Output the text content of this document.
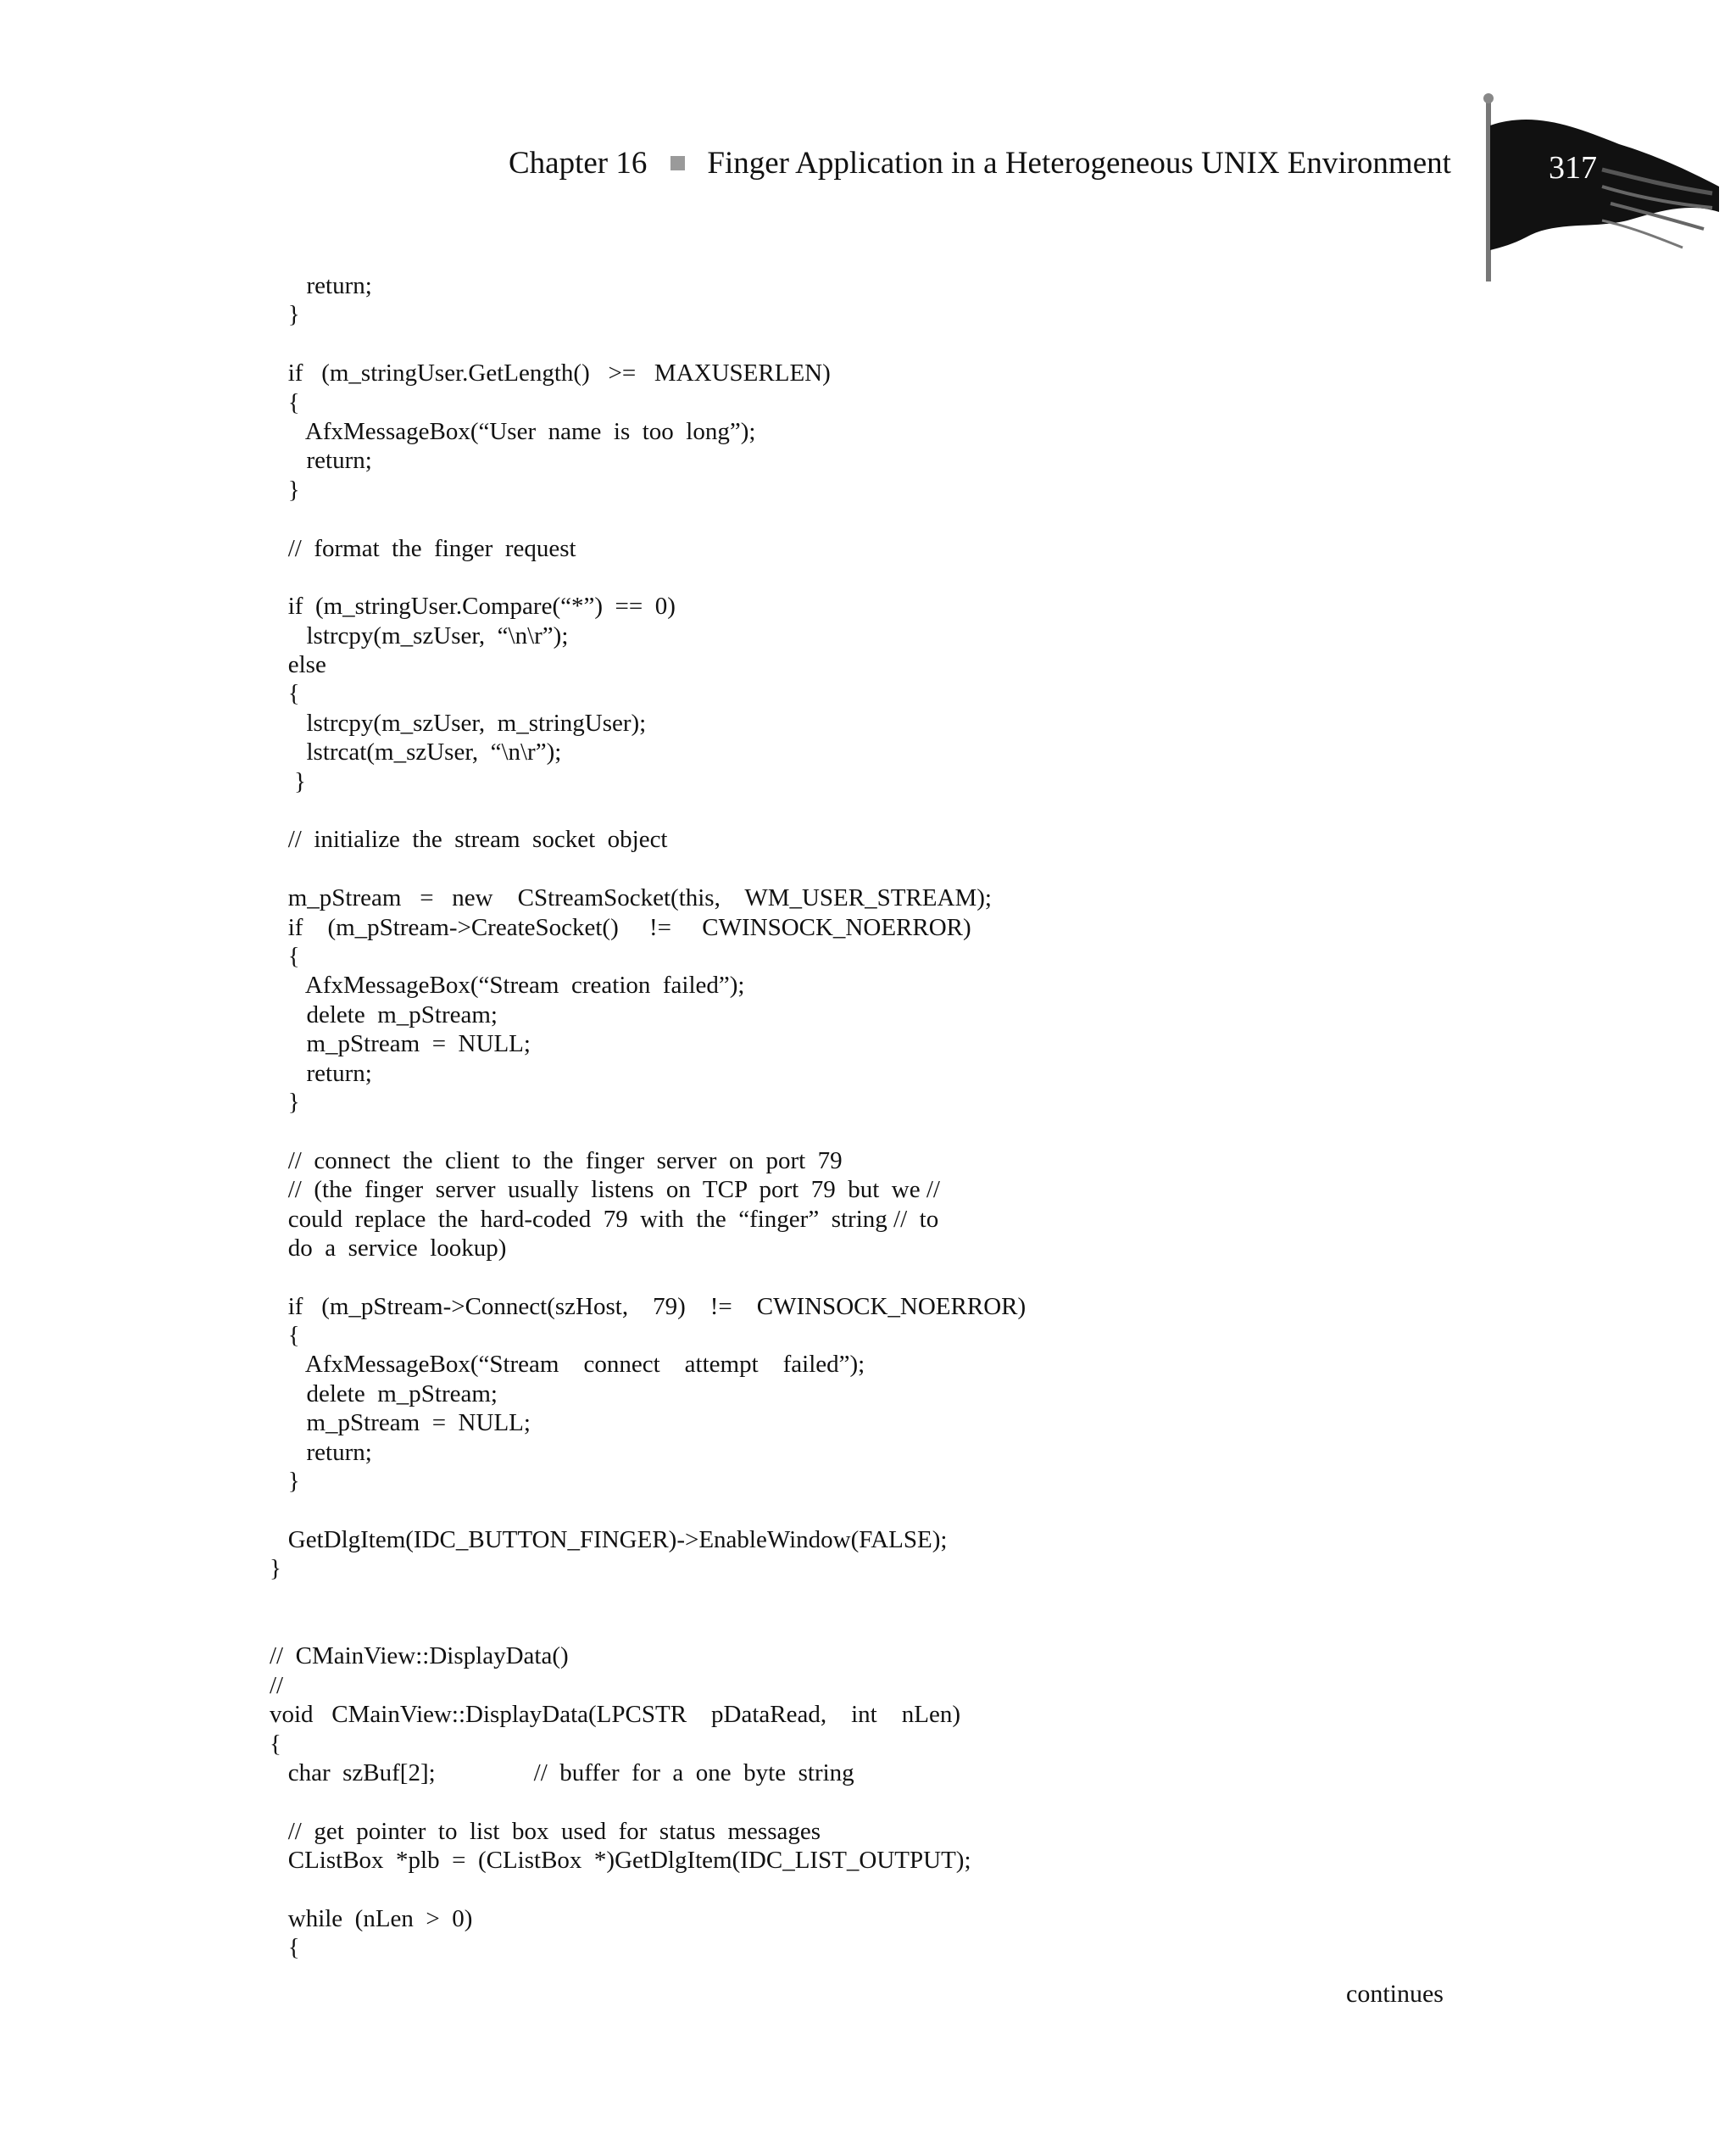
Chapter 16 Finger Application in a Heterogeneous UNIX Environment	317
return;
}
if   (m_stringUser.GetLength()   >=   MAXUSERLEN)
{
AfxMessageBox(“User  name  is  too  long”);
return;
}
//  format  the  finger  request
if  (m_stringUser.Compare(“*”)  ==  0)
lstrcpy(m_szUser,  “\n\r”);
else
{
lstrcpy(m_szUser,  m_stringUser);
lstrcat(m_szUser,  “\n\r”);
}
//  initialize  the  stream  socket  object
m_pStream   =   new    CStreamSocket(this,    WM_USER_STREAM);
if    (m_pStream->CreateSocket()     !=     CWINSOCK_NOERROR)
{
AfxMessageBox(“Stream  creation  failed”);
delete  m_pStream;
m_pStream  =  NULL;
return;
}
//  connect  the  client  to  the  finger  server  on  port  79
//  (the  finger  server  usually  listens  on  TCP  port  79  but  we //
could  replace  the  hard-coded  79  with  the  “finger”  string //  to
do  a  service  lookup)
if   (m_pStream->Connect(szHost,    79)    !=    CWINSOCK_NOERROR)
{
AfxMessageBox(“Stream    connect    attempt    failed”);
delete  m_pStream;
m_pStream  =  NULL;
return;
}
GetDlgItem(IDC_BUTTON_FINGER)->EnableWindow(FALSE);
}
//  CMainView::DisplayData()
//
void   CMainView::DisplayData(LPCSTR    pDataRead,    int    nLen)
{
char  szBuf[2];                //  buffer  for  a  one  byte  string
//  get  pointer  to  list  box  used  for  status  messages
CListBox  *plb  =  (CListBox  *)GetDlgItem(IDC_LIST_OUTPUT);
while  (nLen  >  0)
{
continues
